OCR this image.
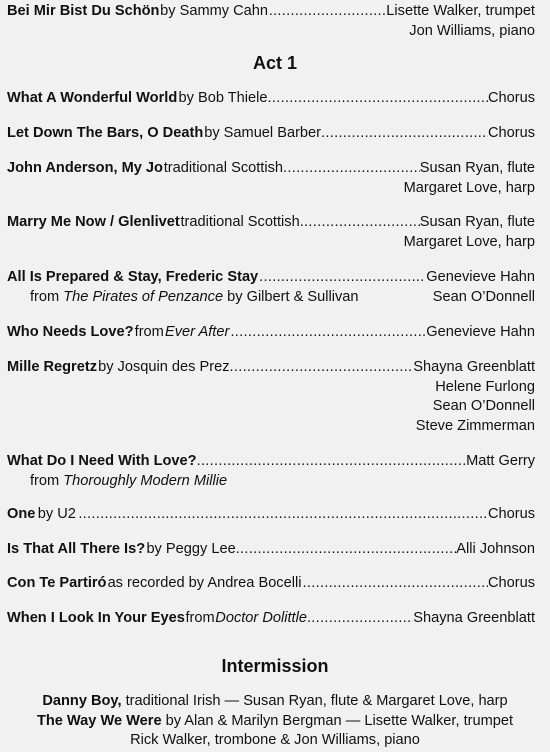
Bei Mir Bist Du Schön by Sammy Cahn .....	Lisette Walker, trumpet
Jon Williams, piano
Act 1
What A Wonderful World by Bob Thiele .....	Chorus
Let Down The Bars, O Death by Samuel Barber .....	Chorus
John Anderson, My Jo traditional Scottish .....	Susan Ryan, flute
Margaret Love, harp
Marry Me Now / Glenlivet traditional Scottish .....	Susan Ryan, flute
Margaret Love, harp
All Is Prepared & Stay, Frederic Stay .....	Genevieve Hahn
from The Pirates of Penzance by Gilbert & Sullivan	Sean O’Donnell
Who Needs Love? from Ever After .....	Genevieve Hahn
Mille Regretz by Josquin des Prez .....	Shayna Greenblatt
Helene Furlong
Sean O’Donnell
Steve Zimmerman
What Do I Need With Love? .....	Matt Gerry
from Thoroughly Modern Millie
One by U2 .....	Chorus
Is That All There Is? by Peggy Lee .....	Alli Johnson
Con Te Partiró as recorded by Andrea Bocelli .....	Chorus
When I Look In Your Eyes from Doctor Dolittle .....	Shayna Greenblatt
Intermission
Danny Boy, traditional Irish — Susan Ryan, flute & Margaret Love, harp
The Way We Were by Alan & Marilyn Bergman — Lisette Walker, trumpet
Rick Walker, trombone & Jon Williams, piano
